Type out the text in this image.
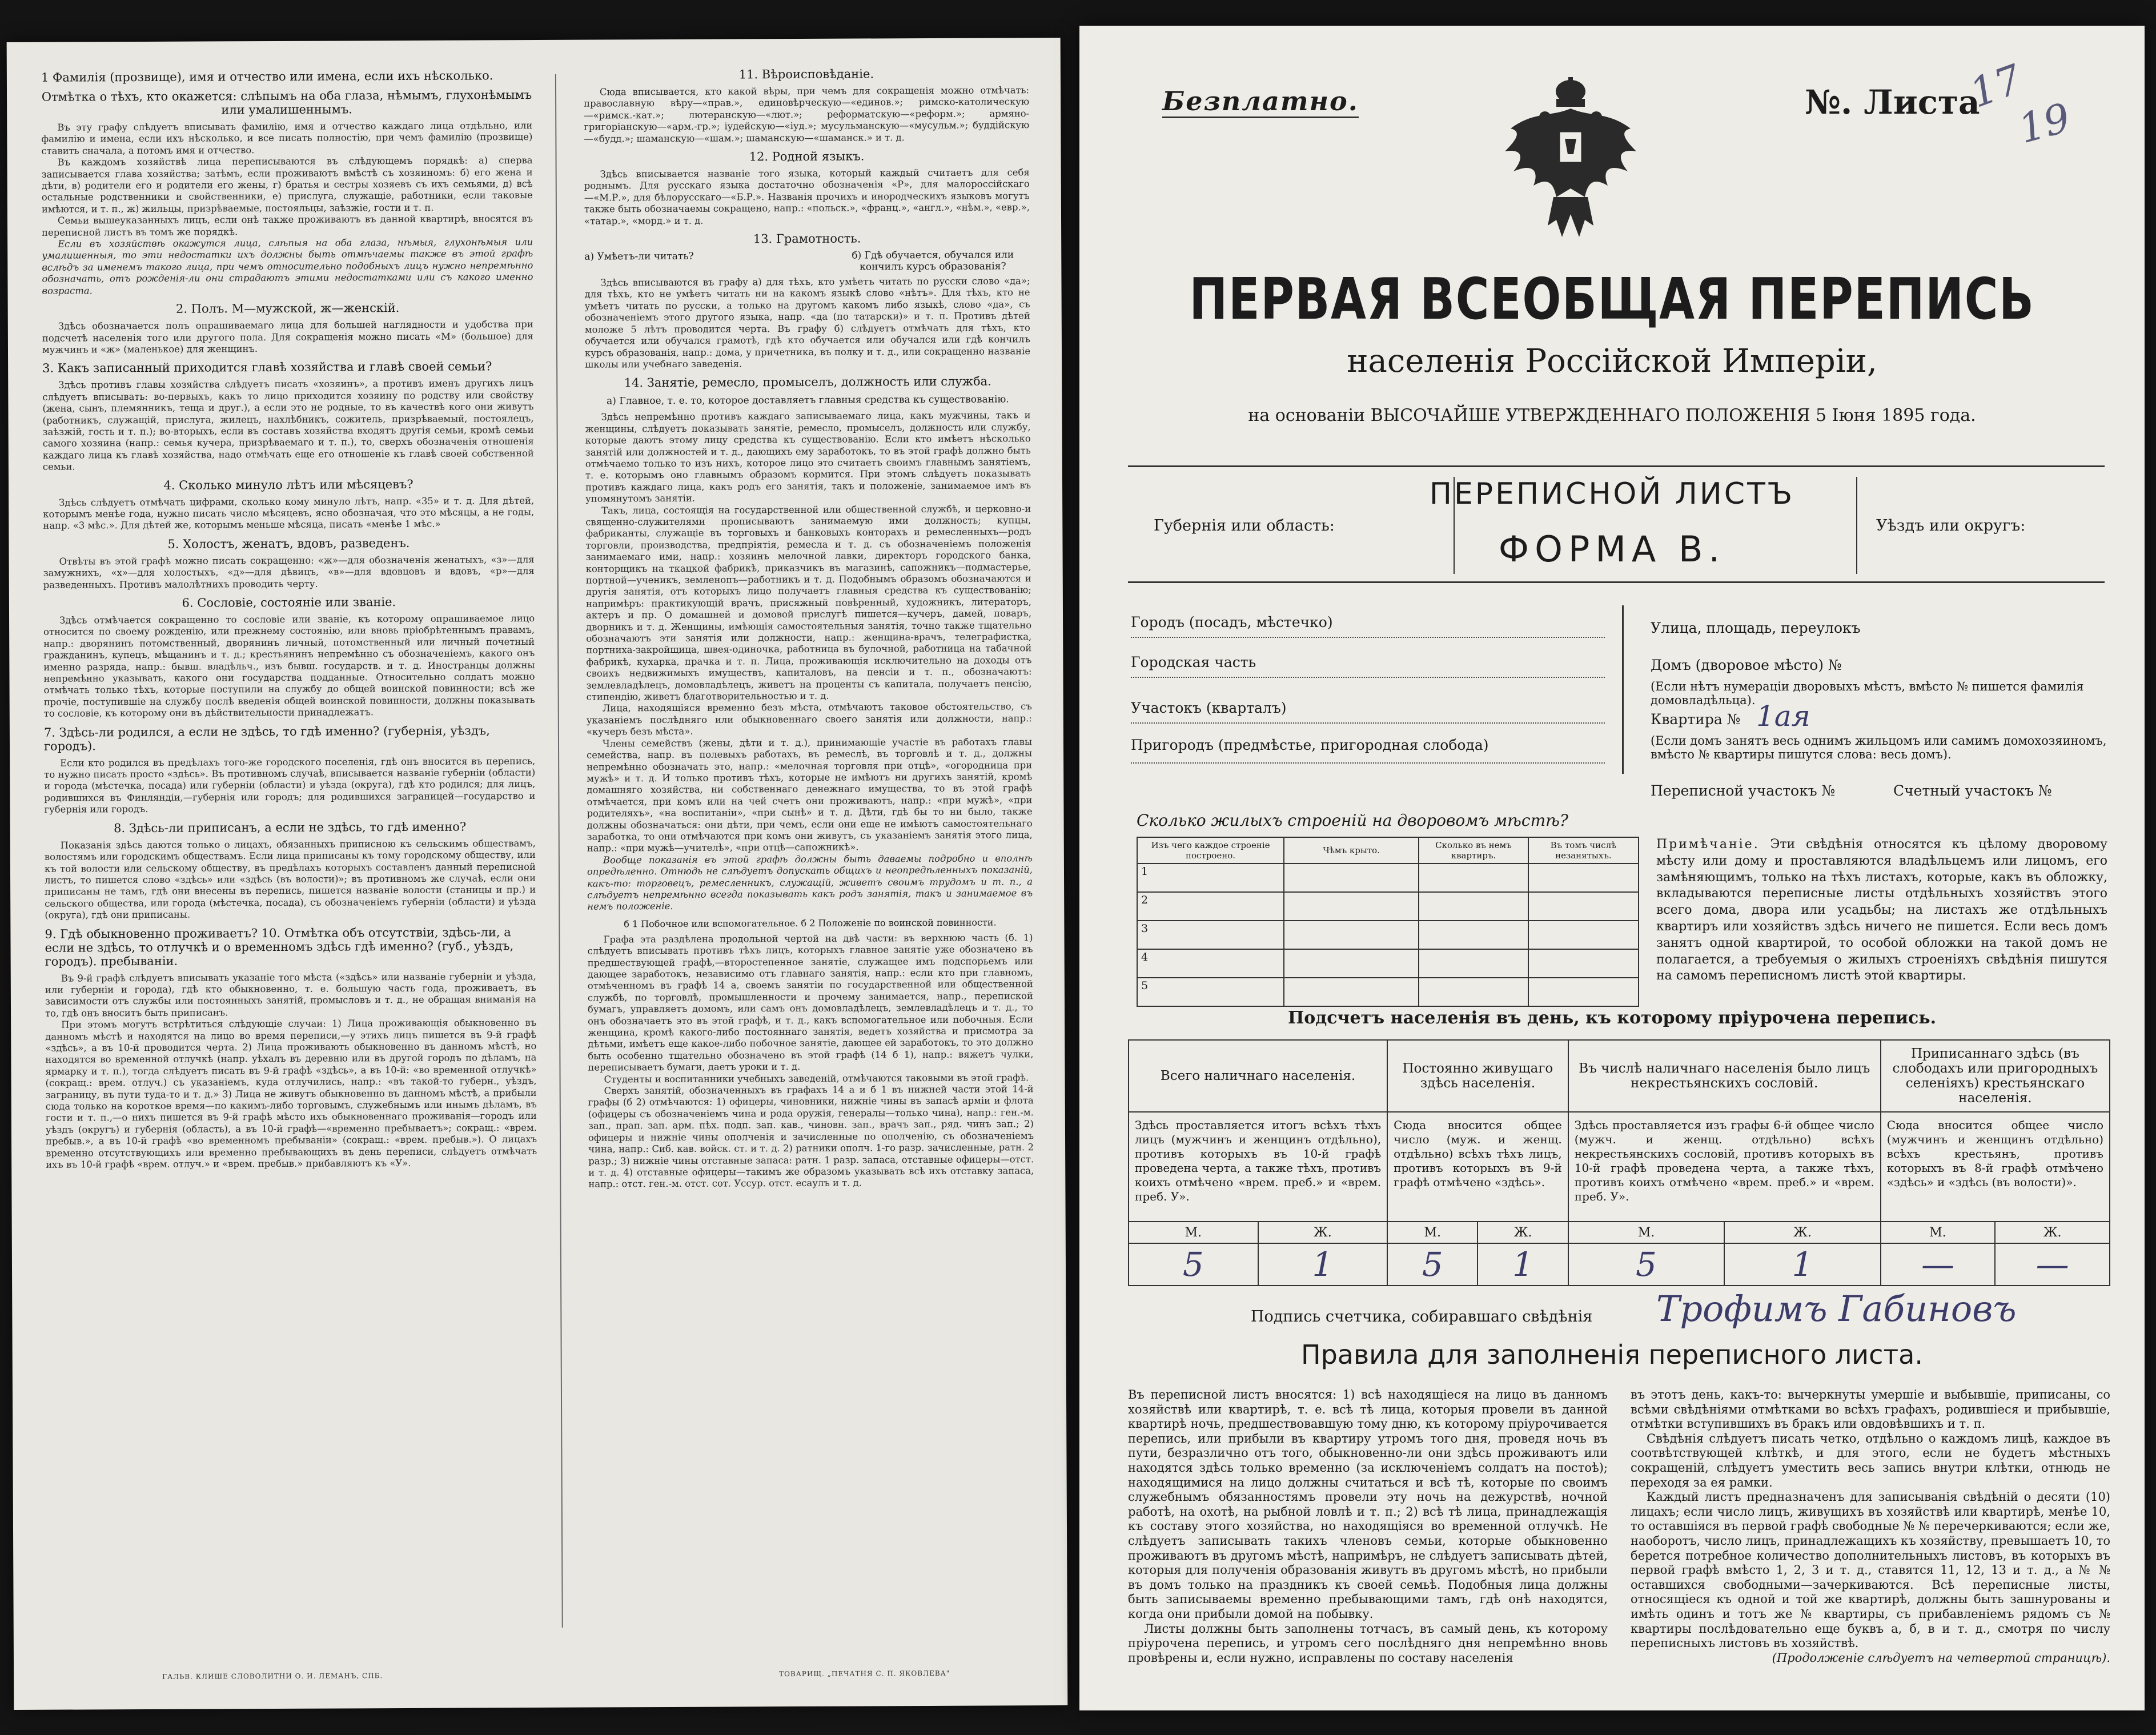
1 Фамилія (прозвище), имя и отчество или имена, если ихъ нѣсколько.
Отмѣтка о тѣхъ, кто окажется: слѣпымъ на оба глаза, нѣмымъ, глухонѣмымъ или умалишеннымъ.

Въ эту графу слѣдуетъ вписывать фамилію, имя и отчество каждаго лица отдѣльно, или фамилію и имена, если ихъ нѣсколько, и все писать полностію, при чемъ фамилію (прозвище) ставить сначала, а потомъ имя и отчество.

Въ каждомъ хозяйствѣ лица переписываются въ слѣдующемъ порядкѣ: а) сперва записывается глава хозяйства; затѣмъ, если проживаютъ вмѣстѣ съ хозяиномъ: б) его жена и дѣти, в) родители его и родители его жены, г) братья и сестры хозяевъ съ ихъ семьями, д) всѣ остальные родственники и свойственники, е) прислуга, служащіе, работники, если таковые имѣются, и т. п., ж) жильцы, призрѣваемые, постояльцы, заѣзжіе, гости и т. п.

Семьи вышеуказанныхъ лицъ, если онѣ также проживаютъ въ данной квартирѣ, вносятся въ переписной листъ въ томъ же порядкѣ.

Если въ хозяйствѣ окажутся лица, слѣпыя на оба глаза, нѣмыя, глухонѣмыя или умалишенныя, то эти недостатки ихъ должны быть отмѣчаемы также въ этой графѣ вслѣдъ за именемъ такого лица, при чемъ относительно подобныхъ лицъ нужно непремѣнно обозначать, отъ рожденія-ли они страдаютъ этими недостатками или съ какого именно возраста.

2. Полъ. М—мужской, ж—женскій.

Здѣсь обозначается полъ опрашиваемаго лица для большей наглядности и удобства при подсчетѣ населенія того или другого пола. Для сокращенія можно писать «М» (большое) для мужчинъ и «ж» (маленькое) для женщинъ.

3. Какъ записанный приходится главѣ хозяйства и главѣ своей семьи?

Здѣсь противъ главы хозяйства слѣдуетъ писать «хозяинъ», а противъ именъ другихъ лицъ слѣдуетъ вписывать: во-первыхъ, какъ то лицо приходится хозяину по родству или свойству (жена, сынъ, племянникъ, теща и друг.), а если это не родные, то въ качествѣ кого они живутъ (работникъ, служащій, прислуга, жилецъ, нахлѣбникъ, сожитель, призрѣваемый, постоялецъ, заѣзжій, гость и т. п.); во-вторыхъ, если въ составъ хозяйства входятъ другія семьи, кромѣ семьи самого хозяина (напр.: семья кучера, призрѣваемаго и т. п.), то, сверхъ обозначенія отношенія каждаго лица къ главѣ хозяйства, надо отмѣчать еще его отношеніе къ главѣ своей собственной семьи.

4. Сколько минуло лѣтъ или мѣсяцевъ?

Здѣсь слѣдуетъ отмѣчать цифрами, сколько кому минуло лѣтъ, напр. «35» и т. д. Для дѣтей, которымъ менѣе года, нужно писать число мѣсяцевъ, ясно обозначая, что это мѣсяцы, а не годы, напр. «3 мѣс.». Для дѣтей же, которымъ меньше мѣсяца, писать «менѣе 1 мѣс.»

5. Холостъ, женатъ, вдовъ, разведенъ.

Отвѣты въ этой графѣ можно писать сокращенно: «ж»—для обозначенія женатыхъ, «з»—для замужнихъ, «х»—для холостыхъ, «д»—для дѣвицъ, «в»—для вдовцовъ и вдовъ, «р»—для разведенныхъ. Противъ малолѣтнихъ проводить черту.

6. Сословіе, состояніе или званіе.

Здѣсь отмѣчается сокращенно то сословіе или званіе, къ которому опрашиваемое лицо относится по своему рожденію, или прежнему состоянію, или вновь пріобрѣтеннымъ правамъ, напр.: дворянинъ потомственный, дворянинъ личный, потомственный или личный почетный гражданинъ, купецъ, мѣщанинъ и т. д.; крестьянинъ непремѣнно съ обозначеніемъ, какого онъ именно разряда, напр.: бывш. владѣльч., изъ бывш. государств. и т. д. Иностранцы должны непремѣнно указывать, какого они государства подданные. Относительно солдатъ можно отмѣчать только тѣхъ, которые поступили на службу до общей воинской повинности; всѣ же прочіе, поступившіе на службу послѣ введенія общей воинской повинности, должны показывать то сословіе, къ которому они въ дѣйствительности принадлежатъ.

7. Здѣсь-ли родился, а если не здѣсь, то гдѣ именно? (губернія, уѣздъ, городъ).

Если кто родился въ предѣлахъ того-же городского поселенія, гдѣ онъ вносится въ перепись, то нужно писать просто «здѣсь». Въ противномъ случаѣ, вписывается названіе губерніи (области) и города (мѣстечка, посада) или губерніи (области) и уѣзда (округа), гдѣ кто родился; для лицъ, родившихся въ Финляндіи,—губернія или городъ; для родившихся заграницей—государство и губернія или городъ.

8. Здѣсь-ли приписанъ, а если не здѣсь, то гдѣ именно?

Показанія здѣсь даются только о лицахъ, обязанныхъ приписною къ сельскимъ обществамъ, волостямъ или городскимъ обществамъ. Если лица приписаны къ тому городскому обществу, или къ той волости или сельскому обществу, въ предѣлахъ которыхъ составленъ данный переписной листъ, то пишется слово «здѣсь» или «здѣсь (въ волости)»; въ противномъ же случаѣ, если они приписаны не тамъ, гдѣ они внесены въ перепись, пишется названіе волости (станицы и пр.) и сельского общества, или города (мѣстечка, посада), съ обозначеніемъ губерніи (области) и уѣзда (округа), гдѣ они приписаны.

9. Гдѣ обыкновенно проживаетъ? 10. Отмѣтка объ отсутствіи, здѣсь-ли, а если не здѣсь, то отлучкѣ и о временномъ здѣсь гдѣ именно? (губ., уѣздъ, городъ). пребываніи.

Въ 9-й графѣ слѣдуетъ вписывать указаніе того мѣста («здѣсь» или названіе губерніи и уѣзда, или губерніи и города), гдѣ кто обыкновенно, т. е. большую часть года, проживаетъ, въ зависимости отъ службы или постоянныхъ занятій, промысловъ и т. д., не обращая вниманія на то, гдѣ онъ вноситъ быть приписанъ.

При этомъ могутъ встрѣтиться слѣдующіе случаи: 1) Лица проживающія обыкновенно въ данномъ мѣстѣ и находятся на лицо во время переписи,—у этихъ лицъ пишется въ 9-й графѣ «здѣсь», а въ 10-й проводится черта. 2) Лица проживають обыкновенно въ данномъ мѣстѣ, но находятся во временной отлучкѣ (напр. уѣхалъ въ деревню или въ другой городъ по дѣламъ, на ярмарку и т. п.), тогда слѣдуетъ писать въ 9-й графѣ «здѣсь», а въ 10-й: «во временной отлучкѣ» (сокращ.: врем. отлуч.) съ указаніемъ, куда отлучились, напр.: «въ такой-то губерн., уѣздъ, заграницу, въ пути туда-то и т. д.» 3) Лица не живутъ обыкновенно въ данномъ мѣстѣ, а прибыли сюда только на короткое время—по какимъ-либо торговымъ, служебнымъ или инымъ дѣламъ, въ гости и т. п.,—о нихъ пишется въ 9-й графѣ мѣсто ихъ обыкновеннаго проживанія—городъ или уѣздъ (округъ) и губернія (область), а въ 10-й графѣ—«временно пребываетъ»; сокращ.: «врем. пребыв.», а въ 10-й графѣ «во временномъ пребываніи» (сокращ.: «врем. пребыв.»). О лицахъ временно отсутствующихъ или временно пребывающихъ въ день переписи, слѣдуетъ отмѣчать ихъ въ 10-й графѣ «врем. отлуч.» и «врем. пребыв.» прибавляютъ къ «У».

11. Вѣроисповѣданіе.

Сюда вписывается, кто какой вѣры, при чемъ для сокращенія можно отмѣчать: православную вѣру—«прав.», единовѣрческую—«единов.»; римско-католическую—«римск.-кат.»; лютеранскую—«лют.»; реформатскую—«реформ.»; армяно-григоріанскую—«арм.-гр.»; іудейскую—«іуд.»; мусульманскую—«мусульм.»; буддійскую—«будд.»; шаманскую—«шам.»; шаманскую—«шаманск.» и т. д.

12. Родной языкъ.

Здѣсь вписывается названіе того языка, который каждый считаетъ для себя роднымъ. Для русскаго языка достаточно обозначенія «Р», для малороссійскаго—«М.Р.», для бѣлорусскаго—«Б.Р.». Названія прочихъ и инородческихъ языковъ могутъ также быть обозначаемы сокращено, напр.: «польск.», «франц.», «англ.», «нѣм.», «евр.», «татар.», «морд.» и т. д.

13. Грамотность.
а) Умѣетъ-ли читать?	б) Гдѣ обучается, обучался или кончилъ курсъ образованія?

Здѣсь вписываются въ графу а) для тѣхъ, кто умѣетъ читать по русски слово «да»; для тѣхъ, кто не умѣетъ читать ни на какомъ языкѣ слово «нѣтъ». Для тѣхъ, кто не умѣетъ читать по русски, а только на другомъ какомъ либо языкѣ, слово «да», съ обозначеніемъ этого другого языка, напр. «да (по татарски)» и т. п. Противъ дѣтей моложе 5 лѣтъ проводится черта. Въ графу б) слѣдуетъ отмѣчать для тѣхъ, кто обучается или обучался грамотѣ, гдѣ кто обучается или обучался или гдѣ кончилъ курсъ образованія, напр.: дома, у причетника, въ полку и т. д., или сокращенно названіе школы или учебнаго заведенія.

14. Занятіе, ремесло, промыселъ, должность или служба.
а) Главное, т. е. то, которое доставляетъ главныя средства къ существованію.

Здѣсь непремѣнно противъ каждаго записываемаго лица, какъ мужчины, такъ и женщины, слѣдуетъ показывать занятіе, ремесло, промыселъ, должность или службу, которые даютъ этому лицу средства къ существованію. Если кто имѣетъ нѣсколько занятій или должностей и т. д., дающихъ ему заработокъ, то въ этой графѣ должно быть отмѣчаемо только то изъ нихъ, которое лицо это считаетъ своимъ главнымъ занятіемъ, т. е. которымъ оно главнымъ образомъ кормится. При этомъ слѣдуетъ показывать противъ каждаго лица, какъ родъ его занятія, такъ и положеніе, занимаемое имъ въ упомянутомъ занятіи.

Такъ, лица, состоящія на государственной или общественной службѣ, и церковно-и священно-служителями прописываютъ занимаемую ими должность; купцы, фабриканты, служащіе въ торговыхъ и банковыхъ конторахъ и ремесленныхъ—родъ торговли, производства, предпріятія, ремесла и т. д. съ обозначеніемъ положенія занимаемаго ими, напр.: хозяинъ мелочной лавки, директоръ городского банка, конторщикъ на ткацкой фабрикѣ, приказчикъ въ магазинѣ, сапожникъ—подмастерье, портной—ученикъ, земленопъ—работникъ и т. д. Подобнымъ образомъ обозначаются и другія занятія, отъ которыхъ лицо получаетъ главныя средства къ существованію; напримѣръ: практикующій врачъ, присяжный повѣренный, художникъ, литераторъ, актеръ и пр. О домашней и домовой прислугѣ пишется—кучеръ, дамей, поваръ, дворникъ и т. д. Женщины, имѣющія самостоятельныя занятія, точно также тщательно обозначаютъ эти занятія или должности, напр.: женщина-врачъ, телеграфистка, портниха-закройщица, швея-одиночка, работница въ булочной, работница на табачной фабрикѣ, кухарка, прачка и т. п. Лица, проживающія исключительно на доходы отъ своихъ недвижимыхъ имуществъ, капиталовъ, на пенсіи и т. п., обозначаютъ: землевладѣлецъ, домовладѣлецъ, живетъ на проценты съ капитала, получаетъ пенсію, стипендію, живетъ благотворительностью и т. д.

Лица, находящіяся временно безъ мѣста, отмѣчаютъ таковое обстоятельство, съ указаніемъ послѣдняго или обыкновеннаго своего занятія или должности, напр.: «кучеръ безъ мѣста».

Члены семействъ (жены, дѣти и т. д.), принимающіе участіе въ работахъ главы семейства, напр. въ полевыхъ работахъ, въ ремеслѣ, въ торговлѣ и т. д., должны непремѣнно обозначать это, напр.: «мелочная торговля при отцѣ», «огородница при мужѣ» и т. д. И только противъ тѣхъ, которые не имѣютъ ни другихъ занятій, кромѣ домашняго хозяйства, ни собственнаго денежнаго имущества, то въ этой графѣ отмѣчается, при комъ или на чей счетъ они проживаютъ, напр.: «при мужѣ», «при родителяхъ», «на воспитаніи», «при сынѣ» и т. д. Дѣти, гдѣ бы то ни было, также должны обозначаться: они дѣти, при чемъ, если они еще не имѣютъ самостоятельнаго заработка, то они отмѣчаются при комъ они живутъ, съ указаніемъ занятія этого лица, напр.: «при мужѣ—учителѣ», «при отцѣ—сапожникѣ».

Вообще показанія въ этой графѣ должны быть даваемы подробно и вполнѣ опредѣленно. Отнюдь не слѣдуетъ допускать общихъ и неопредѣленныхъ показаній, какъ-то: торговецъ, ремесленникъ, служащій, живетъ своимъ трудомъ и т. п., а слѣдуетъ непремѣнно всегда показывать какъ родъ занятія, такъ и занимаемое въ немъ положеніе.

б 1 Побочное или вспомогательное. б 2 Положеніе по воинской повинности.

Графа эта раздѣлена продольной чертой на двѣ части: въ верхнюю часть (б. 1) слѣдуетъ вписывать противъ тѣхъ лицъ, которыхъ главное занятіе уже обозначено въ предшествующей графѣ,—второстепенное занятіе, служащее имъ подспорьемъ или дающее заработокъ, независимо отъ главнаго занятія, напр.: если кто при главномъ, отмѣченномъ въ графѣ 14 а, своемъ занятіи по государственной или общественной службѣ, по торговлѣ, промышленности и прочему занимается, напр., перепиской бумагъ, управляетъ домомъ, или самъ онъ домовладѣлецъ, землевладѣлецъ и т. д., то онъ обозначаетъ это въ этой графѣ, и т. д., какъ вспомогательное или побочныя. Если женщина, кромѣ какого-либо постояннаго занятія, ведетъ хозяйства и присмотра за дѣтьми, имѣетъ еще какое-либо побочное занятіе, дающее ей заработокъ, то это должно быть особенно тщательно обозначено въ этой графѣ (14 б 1), напр.: вяжетъ чулки, переписываетъ бумаги, даетъ уроки и т. д.

Студенты и воспитанники учебныхъ заведеній, отмѣчаются таковыми въ этой графѣ.

Сверхъ занятій, обозначенныхъ въ графахъ 14 а и б 1 въ нижней части этой 14-й графы (б 2) отмѣчаются: 1) офицеры, чиновники, нижніе чины въ запасѣ арміи и флота (офицеры съ обозначеніемъ чина и рода оружія, генералы—только чина), напр.: ген.-м. зап., прап. зап. арм. пѣх. подп. зап. кав., чиновн. зап., врачъ зап., ряд. чинъ зап.; 2) офицеры и нижніе чины ополченія и зачисленные по ополченію, съ обозначеніемъ чина, напр.: Сиб. кав. войск. ст. и т. д. 2) ратники ополч. 1-го разр. зачисленные, ратн. 2 разр.; 3) нижніе чины отставные запаса: ратн. 1 разр. запаса, отставные офицеры—отст. и т. д. 4) отставные офицеры—такимъ же образомъ указывать всѣ ихъ отставку запаса, напр.: отст. ген.-м. отст. сот. Уссур. отст. есаулъ и т. д.

ГАЛЬВ. КЛИШЕ СЛОВОЛИТНИ О. И. ЛЕМАНЪ, СПБ.	ТОВАРИЩ. „ПЕЧАТНЯ С. П. ЯКОВЛЕВА"
Безплатно.	№. Листа
17
19
ПЕРВАЯ ВСЕОБЩАЯ ПЕРЕПИСЬ
населенія Россійской Имперіи,
на основаніи ВЫСОЧАЙШЕ УТВЕРЖДЕННАГО ПОЛОЖЕНІЯ 5 Іюня 1895 года.
Губернія или область:
ПЕРЕПИСНОЙ ЛИСТЪ
ФОРМА В.
Уѣздъ или округъ:
Городъ (посадъ, мѣстечко)
Городская часть
Участокъ (кварталъ)
Пригородъ (предмѣстье, пригородная слобода)
Улица, площадь, переулокъ
Домъ (дворовое мѣсто) №
(Если нѣтъ нумераціи дворовыхъ мѣстъ, вмѣсто № пишется фамилія домовладѣльца).
Квартира № 1ая
(Если домъ занятъ весь однимъ жильцомъ или самимъ домохозяиномъ, вмѣсто № квартиры пишутся слова: весь домъ).
Переписной участокъ №	Счетный участокъ №
Сколько жилыхъ строеній на дворовомъ мѣстѣ?
Изъ чего каждое строеніе построено.	Чѣмъ крыто.	Сколько въ немъ квартиръ.	Въ томъ числѣ незанятыхъ.
1			
2			
3			
4			
5			
Примѣчаніе. Эти свѣдѣнія относятся къ цѣлому дворовому мѣсту или дому и проставляются владѣльцемъ или лицомъ, его замѣняющимъ, только на тѣхъ листахъ, которые, какъ въ обложку, вкладываются переписные листы отдѣльныхъ хозяйствъ этого всего дома, двора или усадьбы; на листахъ же отдѣльныхъ квартиръ или хозяйствъ здѣсь ничего не пишется. Если весь домъ занятъ одной квартирой, то особой обложки на такой домъ не полагается, а требуемыя о жилыхъ строеніяхъ свѣдѣнія пишутся на самомъ переписномъ листѣ этой квартиры.
Подсчетъ населенія въ день, къ которому пріурочена перепись.
Всего наличнаго населенія.		Постоянно живущаго здѣсь населенія.		Въ числѣ наличнаго населенія было лицъ некрестьянскихъ сословій.		Приписаннаго здѣсь (въ слободахъ или пригородныхъ селеніяхъ) крестьянскаго населенія.	
Здѣсь проставляется итогъ всѣхъ тѣхъ лицъ (мужчинъ и женщинъ отдѣльно), противъ которыхъ въ 10-й графѣ проведена черта, а также тѣхъ, противъ коихъ отмѣчено «врем. преб.» и «врем. преб. У».		Сюда вносится общее число (муж. и женщ. отдѣльно) всѣхъ тѣхъ лицъ, противъ которыхъ въ 9-й графѣ отмѣчено «здѣсь».		Здѣсь проставляется изъ графы 6-й общее число (мужч. и женщ. отдѣльно) всѣхъ некрестьянскихъ сословій, противъ которыхъ въ 10-й графѣ проведена черта, а также тѣхъ, противъ коихъ отмѣчено «врем. преб.» и «врем. преб. У».		Сюда вносится общее число (мужчинъ и женщинъ отдѣльно) всѣхъ крестьянъ, противъ которыхъ въ 8-й графѣ отмѣчено «здѣсь» и «здѣсь (въ волости)».	
М.	Ж.	М.	Ж.	М.	Ж.	М.	Ж.
5	1	5	1	5	1	—	—
Подпись счетчика, собиравшаго свѣдѣнія Трофимъ Габиновъ
Правила для заполненія переписного листа.
Въ переписной листъ вносятся: 1) всѣ находящіеся на лицо въ данномъ хозяйствѣ или квартирѣ, т. е. всѣ тѣ лица, которыя провели въ данной квартирѣ ночь, предшествовавшую тому дню, къ которому пріурочивается перепись, или прибыли въ квартиру утромъ того дня, проведя ночь въ пути, безразлично отъ того, обыкновенно-ли они здѣсь проживаютъ или находятся здѣсь только временно (за исключеніемъ солдатъ на постоѣ); находящимися на лицо должны считаться и всѣ тѣ, которые по своимъ служебнымъ обязанностямъ провели эту ночь на дежурствѣ, ночной работѣ, на охотѣ, на рыбной ловлѣ и т. п.; 2) всѣ тѣ лица, принадлежащія къ составу этого хозяйства, но находящіяся во временной отлучкѣ. Не слѣдуетъ записывать такихъ членовъ семьи, которые обыкновенно проживаютъ въ другомъ мѣстѣ, напримѣръ, не слѣдуетъ записывать дѣтей, которыя для полученія образованія живутъ въ другомъ мѣстѣ, но прибыли въ домъ только на праздникъ къ своей семьѣ. Подобныя лица должны быть записываемы временно пребывающими тамъ, гдѣ онѣ находятся, когда они прибыли домой на побывку.
Листы должны быть заполнены тотчасъ, въ самый день, къ которому пріурочена перепись, и утромъ сего послѣдняго дня непремѣнно вновь провѣрены и, если нужно, исправлены по составу населенія
въ этотъ день, какъ-то: вычеркнуты умершіе и выбывшіе, приписаны, со всѣми свѣдѣніями отмѣтками во всѣхъ графахъ, родившіеся и прибывшіе, отмѣтки вступившихъ въ бракъ или овдовѣвшихъ и т. п.
Свѣдѣнія слѣдуетъ писать четко, отдѣльно о каждомъ лицѣ, каждое въ соотвѣтствующей клѣткѣ, и для этого, если не будетъ мѣстныхъ сокращеній, слѣдуетъ уместить весь запись внутри клѣтки, отнюдь не переходя за ея рамки.
Каждый листъ предназначенъ для записыванія свѣдѣній о десяти (10) лицахъ; если число лицъ, живущихъ въ хозяйствѣ или квартирѣ, менѣе 10, то оставшіяся въ первой графѣ свободные № № перечеркиваются; если же, наоборотъ, число лицъ, принадлежащихъ къ хозяйству, превышаетъ 10, то берется потребное количество дополнительныхъ листовъ, въ которыхъ въ первой графѣ вмѣсто 1, 2, 3 и т. д., ставятся 11, 12, 13 и т. д., а № № оставшихся свободными—зачеркиваются. Всѣ переписные листы, относящіеся къ одной и той же квартирѣ, должны быть зашнурованы и имѣть одинъ и тотъ же № квартиры, съ прибавленіемъ рядомъ съ № квартиры послѣдовательно еще буквъ а, б, в и т. д., смотря по числу переписныхъ листовъ въ хозяйствѣ.
(Продолженіе слѣдуетъ на четвертой страницѣ).
